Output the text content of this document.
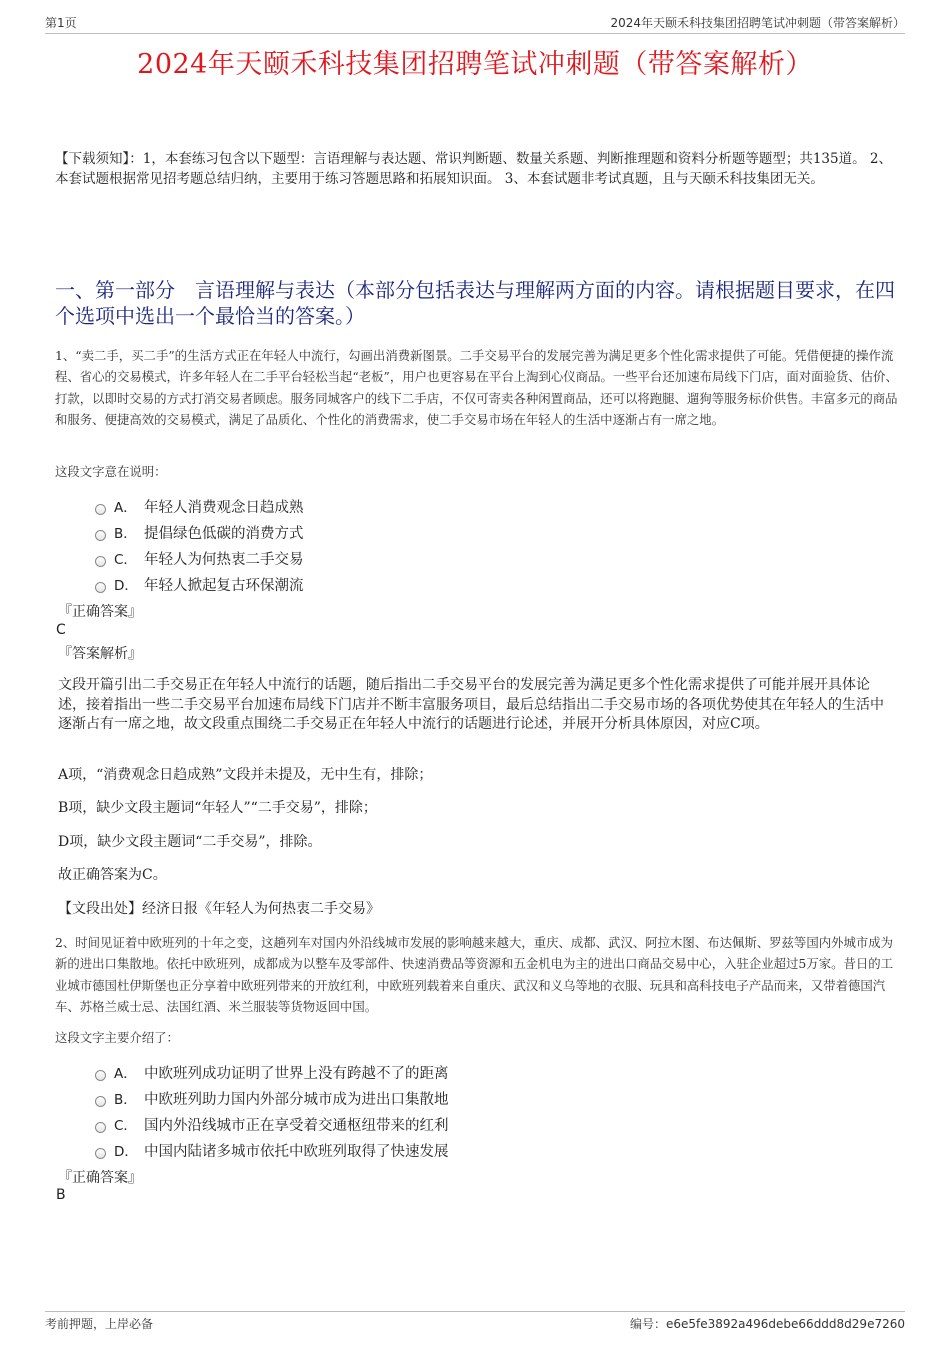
第1页	2024年天颐禾科技集团招聘笔试冲刺题（带答案解析）
2024年天颐禾科技集团招聘笔试冲刺题（带答案解析）
【下载须知】：1，本套练习包含以下题型：言语理解与表达题、常识判断题、数量关系题、判断推理题和资料分析题等题型；共135道。 2、本套试题根据常见招考题总结归纳，主要用于练习答题思路和拓展知识面。 3、本套试题非考试真题，且与天颐禾科技集团无关。
一、第一部分　言语理解与表达（本部分包括表达与理解两方面的内容。请根据题目要求，在四个选项中选出一个最恰当的答案。）
1、“卖二手，买二手”的生活方式正在年轻人中流行，勾画出消费新图景。二手交易平台的发展完善为满足更多个性化需求提供了可能。凭借便捷的操作流程、省心的交易模式，许多年轻人在二手平台轻松当起“老板”，用户也更容易在平台上淘到心仪商品。一些平台还加速布局线下门店，面对面验货、估价、打款，以即时交易的方式打消交易者顾虑。服务同城客户的线下二手店，不仅可寄卖各种闲置商品，还可以将跑腿、遛狗等服务标价供售。丰富多元的商品和服务、便捷高效的交易模式，满足了品质化、个性化的消费需求，使二手交易市场在年轻人的生活中逐渐占有一席之地。
这段文字意在说明：
A． 年轻人消费观念日趋成熟
B． 提倡绿色低碳的消费方式
C． 年轻人为何热衷二手交易
D． 年轻人掀起复古环保潮流
『正确答案』
C
『答案解析』
文段开篇引出二手交易正在年轻人中流行的话题，随后指出二手交易平台的发展完善为满足更多个性化需求提供了可能并展开具体论述，接着指出一些二手交易平台加速布局线下门店并不断丰富服务项目，最后总结指出二手交易市场的各项优势使其在年轻人的生活中逐渐占有一席之地，故文段重点围绕二手交易正在年轻人中流行的话题进行论述，并展开分析具体原因，对应C项。
A项，“消费观念日趋成熟”文段并未提及，无中生有，排除；
B项，缺少文段主题词“年轻人”“二手交易”，排除；
D项，缺少文段主题词“二手交易”，排除。
故正确答案为C。
【文段出处】经济日报《年轻人为何热衷二手交易》
2、时间见证着中欧班列的十年之变，这趟列车对国内外沿线城市发展的影响越来越大，重庆、成都、武汉、阿拉木图、布达佩斯、罗兹等国内外城市成为新的进出口集散地。依托中欧班列，成都成为以整车及零部件、快速消费品等资源和五金机电为主的进出口商品交易中心，入驻企业超过5万家。昔日的工业城市德国杜伊斯堡也正分享着中欧班列带来的开放红利，中欧班列载着来自重庆、武汉和义乌等地的衣服、玩具和高科技电子产品而来，又带着德国汽车、苏格兰威士忌、法国红酒、米兰服装等货物返回中国。
这段文字主要介绍了：
A． 中欧班列成功证明了世界上没有跨越不了的距离
B． 中欧班列助力国内外部分城市成为进出口集散地
C． 国内外沿线城市正在享受着交通枢纽带来的红利
D． 中国内陆诸多城市依托中欧班列取得了快速发展
『正确答案』
B
考前押题，上岸必备	编号：e6e5fe3892a496debe66ddd8d29e7260
